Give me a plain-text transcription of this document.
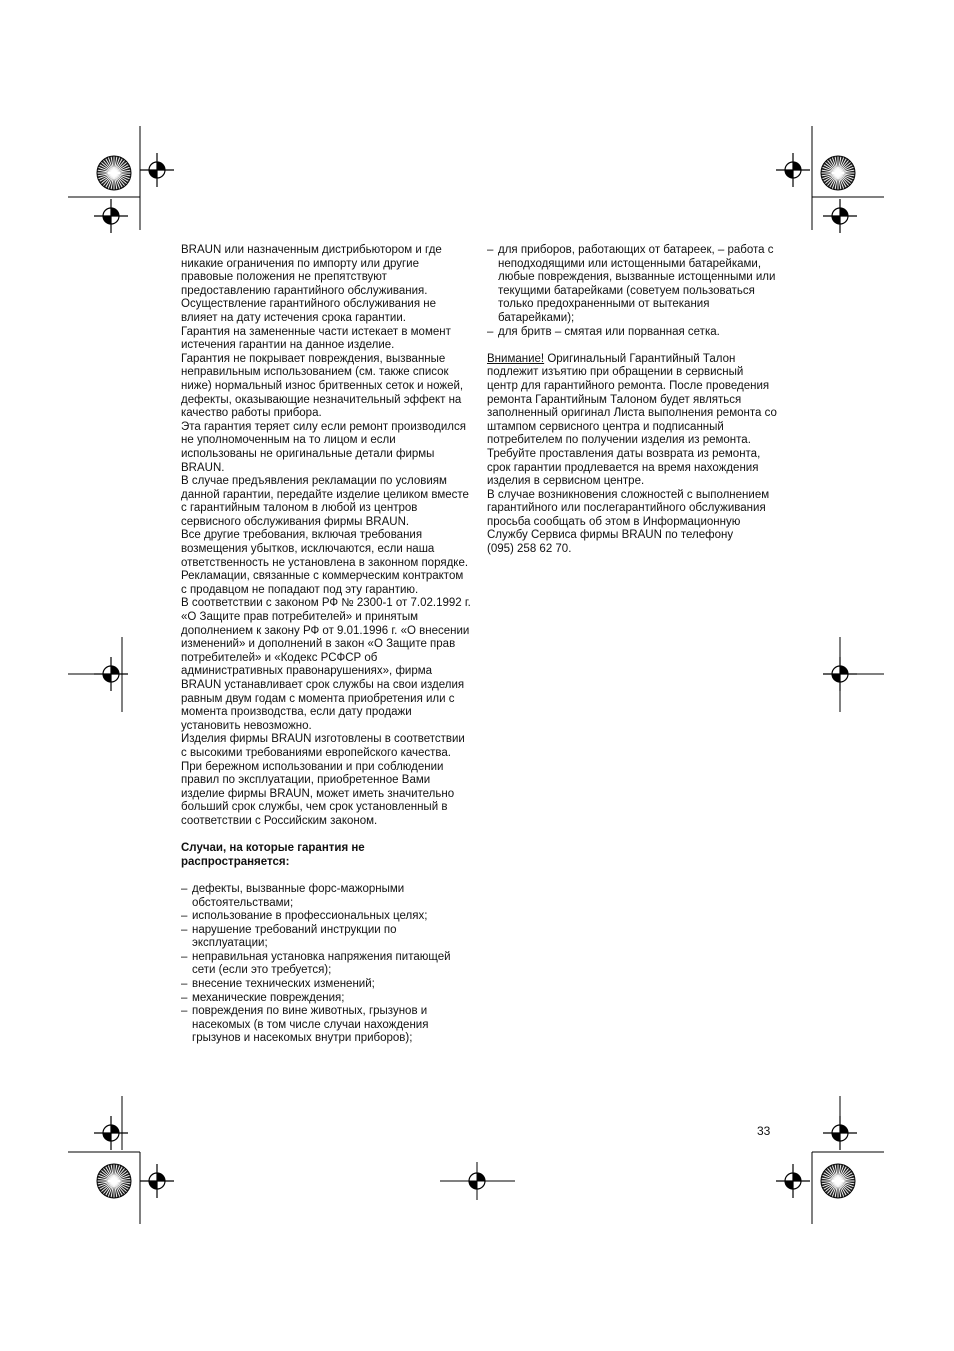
BRAUN или назначенным дистрибьютором и где никакие ограничения по импорту или другие правовые положения не препятствуют предоставлению гарантийного обслуживания.

Осуществление гарантийного обслуживания не влияет на дату истечения срока гарантии.

Гарантия на замененные части истекает в момент истечения гарантии на данное изделие.

Гарантия не покрывает повреждения, вызванные неправильным использованием (см. также список ниже) нормальный износ бритвенных сеток и ножей, дефекты, оказывающие незначительный эффект на качество работы прибора.

Эта гарантия теряет силу если ремонт производился не уполномоченным на то лицом и если использованы не оригинальные детали фирмы BRAUN.

В случае предъявления рекламации по условиям данной гарантии, передайте изделие целиком вместе с гарантийным талоном в любой из центров сервисного обслуживания фирмы BRAUN.

Все другие требования, включая требования возмещения убытков, исключаются, если наша ответственность не установлена в законном порядке.

Рекламации, связанные с коммерческим контрактом с продавцом не попадают под эту гарантию.

В соответствии с законом РФ № 2300-1 от 7.02.1992 г. «О Защите прав потребителей» и принятым дополнением к закону РФ от 9.01.1996 г. «О внесении изменений» и дополнений в закон «О Защите прав потребителей» и «Кодекс РСФСР об административных правонарушениях», фирма BRAUN устанавливает срок службы на свои изделия равным двум годам с момента приобретения или с момента производства, если дату продажи установить невозможно.

Изделия фирмы BRAUN изготовлены в соответствии с высокими требованиями европейского качества. При бережном использовании и при соблюдении правил по эксплуатации, приобретенное Вами изделие фирмы BRAUN, может иметь значительно больший срок службы, чем срок установленный в соответствии с Российским законом.

Случаи, на которые гарантия не распространяется:

– дефекты, вызванные форс-мажорными обстоятельствами;
– использование в профессиональных целях;
– нарушение требований инструкции по эксплуатации;
– неправильная установка напряжения питающей сети (если это требуется);
– внесение технических изменений;
– механические повреждения;
– повреждения по вине животных, грызунов и насекомых (в том числе случаи нахождения грызунов и насекомых внутри приборов);
– для приборов, работающих от батареек, – работа с неподходящими или истощенными батарейками, любые повреждения, вызванные истощенными или текущими батарейками (советуем пользоваться только предохраненными от вытекания батарейками);
– для бритв – смятая или порванная сетка.

Внимание! Оригинальный Гарантийный Талон подлежит изъятию при обращении в сервисный центр для гарантийного ремонта. После проведения ремонта Гарантийным Талоном будет являться заполненный оригинал Листа выполнения ремонта со штампом сервисного центра и подписанный потребителем по получении изделия из ремонта. Требуйте проставления даты возврата из ремонта, срок гарантии продлевается на время нахождения изделия в сервисном центре.

В случае возникновения сложностей с выполнением гарантийного или послегарантийного обслуживания просьба сообщать об этом в Информационную Службу Сервиса фирмы BRAUN по телефону

(095) 258 62 70.

33
